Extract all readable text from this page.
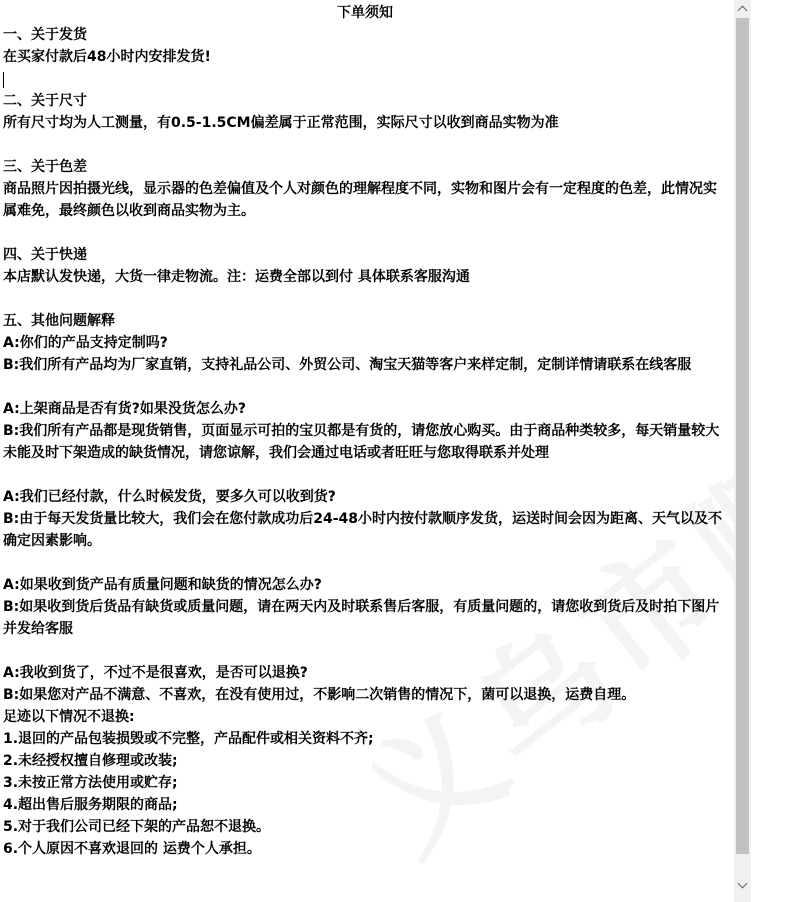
下单须知

一、关于发货

在买家付款后48小时内安排发货!

二、关于尺寸

所有尺寸均为人工测量，有0.5-1.5CM偏差属于正常范围，实际尺寸以收到商品实物为准

三、关于色差

商品照片因拍摄光线，显示器的色差偏值及个人对颜色的理解程度不同，实物和图片会有一定程度的色差，此情况实属难免，最终颜色以收到商品实物为主。

四、关于快递

本店默认发快递，大货一律走物流。注：运费全部以到付 具体联系客服沟通

五、其他问题解释

A:你们的产品支持定制吗?

B:我们所有产品均为厂家直销，支持礼品公司、外贸公司、淘宝天猫等客户来样定制，定制详情请联系在线客服

A:上架商品是否有货?如果没货怎么办?

B:我们所有产品都是现货销售，页面显示可拍的宝贝都是有货的，请您放心购买。由于商品种类较多，每天销量较大未能及时下架造成的缺货情况，请您谅解，我们会通过电话或者旺旺与您取得联系并处理

A:我们已经付款，什么时候发货，要多久可以收到货?

B:由于每天发货量比较大，我们会在您付款成功后24-48小时内按付款顺序发货，运送时间会因为距离、天气以及不确定因素影响。

A:如果收到货产品有质量问题和缺货的情况怎么办?

B:如果收到货后货品有缺货或质量问题，请在两天内及时联系售后客服，有质量问题的，请您收到货后及时拍下图片并发给客服

A:我收到货了，不过不是很喜欢，是否可以退换?

B:如果您对产品不满意、不喜欢，在没有使用过，不影响二次销售的情况下，菌可以退换，运费自理。

足迹以下情况不退换:

1.退回的产品包装损毁或不完整，产品配件或相关资料不齐;

2.未经授权擅自修理或改装;

3.未按正常方法使用或贮存;

4.超出售后服务期限的商品;

5.对于我们公司已经下架的产品恕不退换。

6.个人原因不喜欢退回的 运费个人承担。
